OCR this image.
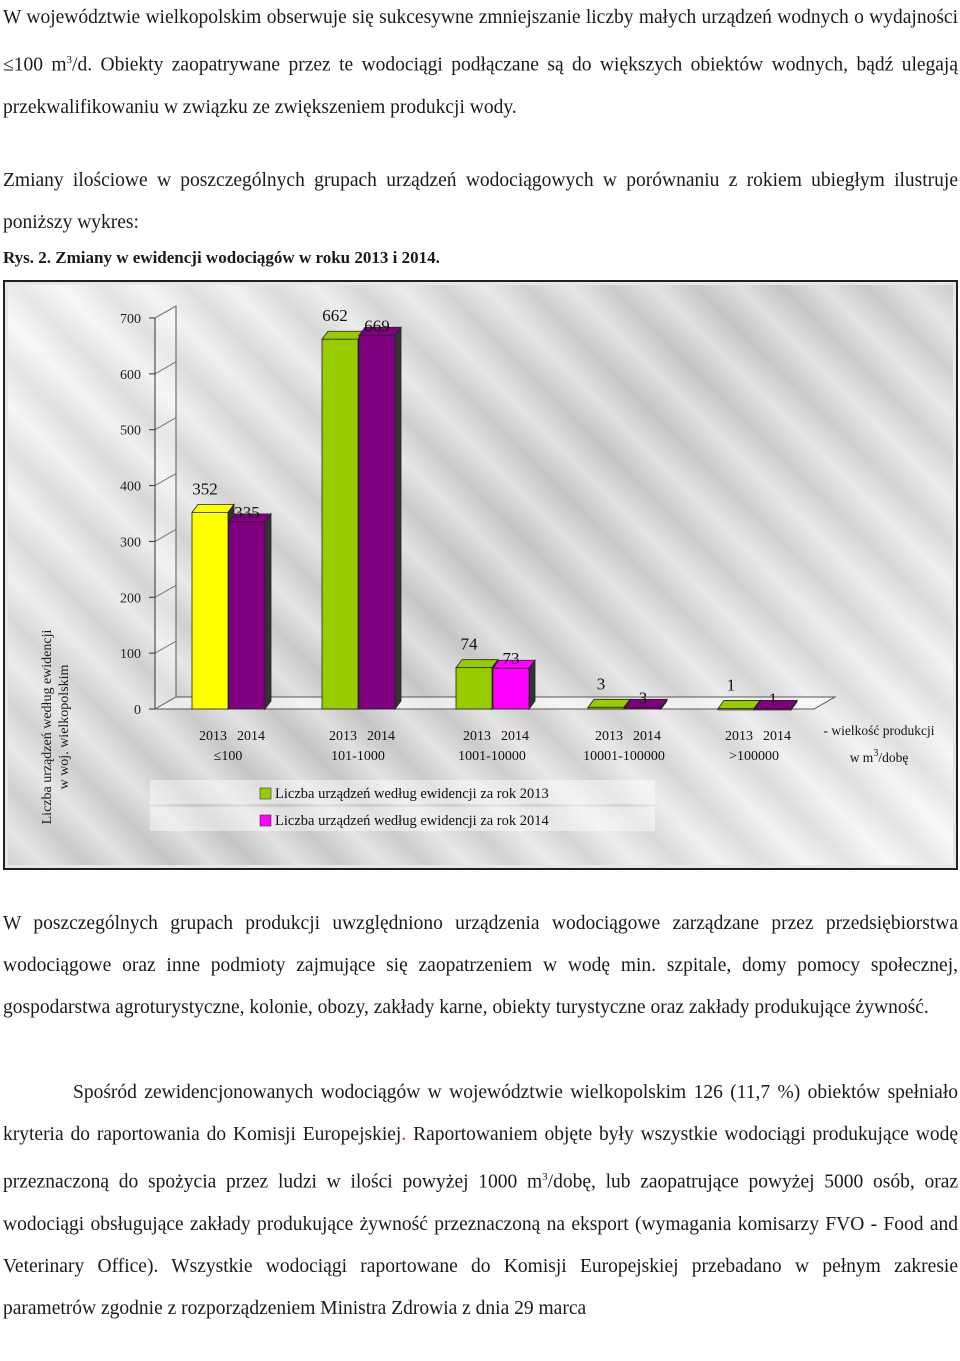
W województwie wielkopolskim obserwuje się sukcesywne zmniejszanie liczby małych urządzeń wodnych o wydajności ≤100 $m^3/d$. Obiekty zaopatrywane przez te wodociągi podłączane są do większych obiektów wodnych, bądź ulegają przekwalifikowaniu w związku ze zwiększeniem produkcji wody.

Zmiany ilościowe w poszczególnych grupach urządzeń wodociągowych w porównaniu z rokiem ubiegłym ilustruje poniższy wykres:

Rys. 2. Zmiany w ewidencji wodociągów w roku 2013 i 2014.

0
100
200
300
400
500
600
700
352
335
2013 2014
≤100
662
669
2013 2014
101-1000
74
73
2013 2014
1001-10000
3
3
2013 2014
10001-100000
1
1
2013 2014
>100000
- wielkość produkcji
w $m^3$/dobę
Liczba urządzeń według ewidencji za rok 2013
Liczba urządzeń według ewidencji za rok 2014
Liczba urządzeń według ewidencji w woj. wielkopolskim

W poszczególnych grupach produkcji uwzględniono urządzenia wodociągowe zarządzane przez przedsiębiorstwa wodociągowe oraz inne podmioty zajmujące się zaopatrzeniem w wodę min. szpitale, domy pomocy społecznej, gospodarstwa agroturystyczne, kolonie, obozy, zakłady karne, obiekty turystyczne oraz zakłady produkujące żywność.

Spośród zewidencjonowanych wodociągów w województwie wielkopolskim 126 (11,7 %) obiektów spełniało kryteria do raportowania do Komisji Europejskiej. Raportowaniem objęte były wszystkie wodociągi produkujące wodę przeznaczoną do spożycia przez ludzi w ilości powyżej 1000 $m^3$/dobę, lub zaopatrujące powyżej 5000 osób, oraz wodociągi obsługujące zakłady produkujące żywność przeznaczoną na eksport (wymagania komisarzy FVO - Food and Veterinary Office). Wszystkie wodociągi raportowane do Komisji Europejskiej przebadano w pełnym zakresie parametrów zgodnie z rozporządzeniem Ministra Zdrowia z dnia 29 marca
